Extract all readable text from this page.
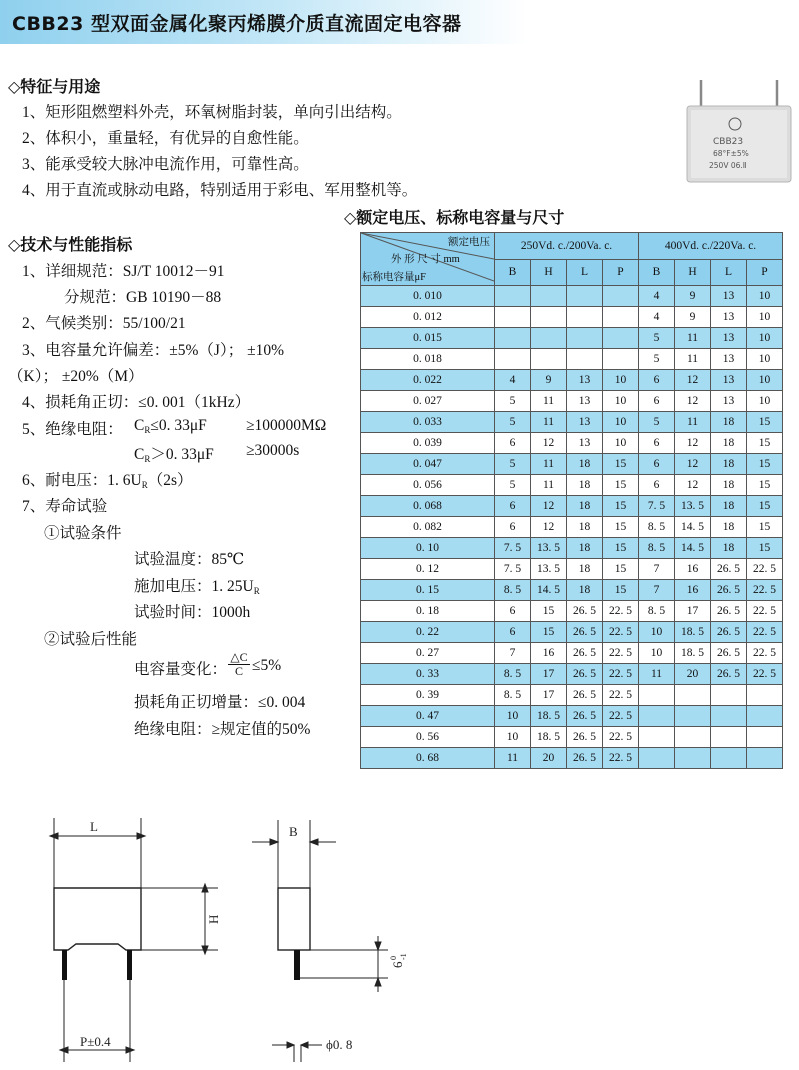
CBB23 型双面金属化聚丙烯膜介质直流固定电容器
◇特征与用途
1、矩形阻燃塑料外壳，环氧树脂封装，单向引出结构。
2、体积小，重量轻，有优异的自愈性能。
3、能承受较大脉冲电流作用，可靠性高。
4、用于直流或脉动电路，特别适用于彩电、军用整机等。
CBB23
68°F±5%
250V 06.Ⅱ
◇额定电压、标称电容量与尺寸
◇技术与性能指标
1、详细规范：SJ/T 10012－91
分规范：GB 10190－88
2、气候类别：55/100/21
3、电容量允许偏差：±5%（J）； ±10%
（K）； ±20%（M）
4、损耗角正切：≤0. 001（1kHz）
5、绝缘电阻： $C_R\le 0$. 33μF	≥100000MΩ
$C_R>0$. 33μF ≥30000s
6、耐电压：1. $6U_R(2s)$
7、寿命试验
①试验条件
试验温度：85℃
施加电压：1. $25U_R$
试验时间：1000h
②试验后性能
电容量变化：
△C
C ≤5%
损耗角正切增量：≤0. 004
绝缘电阻：≥规定值的50%
额定电压
外 形 尺 寸 mm
标称电容量μF	250Vd. c./200Va. c.				400Vd. c./220Va. c.			
	B	H	L	P	B	H	L	P
0. 010					4	9	13	10
0. 012					4	9	13	10
0. 015					5	11	13	10
0. 018					5	11	13	10
0. 022	4	9	13	10	6	12	13	10
0. 027	5	11	13	10	6	12	13	10
0. 033	5	11	13	10	5	11	18	15
0. 039	6	12	13	10	6	12	18	15
0. 047	5	11	18	15	6	12	18	15
0. 056	5	11	18	15	6	12	18	15
0. 068	6	12	18	15	7. 5	13. 5	18	15
0. 082	6	12	18	15	8. 5	14. 5	18	15
0. 10	7. 5	13. 5	18	15	8. 5	14. 5	18	15
0. 12	7. 5	13. 5	18	15	7	16	26. 5	22. 5
0. 15	8. 5	14. 5	18	15	7	16	26. 5	22. 5
0. 18	6	15	26. 5	22. 5	8. 5	17	26. 5	22. 5
0. 22	6	15	26. 5	22. 5	10	18. 5	26. 5	22. 5
0. 27	7	16	26. 5	22. 5	10	18. 5	26. 5	22. 5
0. 33	8. 5	17	26. 5	22. 5	11	20	26. 5	22. 5
0. 39	8. 5	17	26. 5	22. 5				
0. 47	10	18. 5	26. 5	22. 5				
0. 56	10	18. 5	26. 5	22. 5				
0. 68	11	20	26. 5	22. 5				
L
H
P±0.4
B
6
0 -1
ϕ0. 8
